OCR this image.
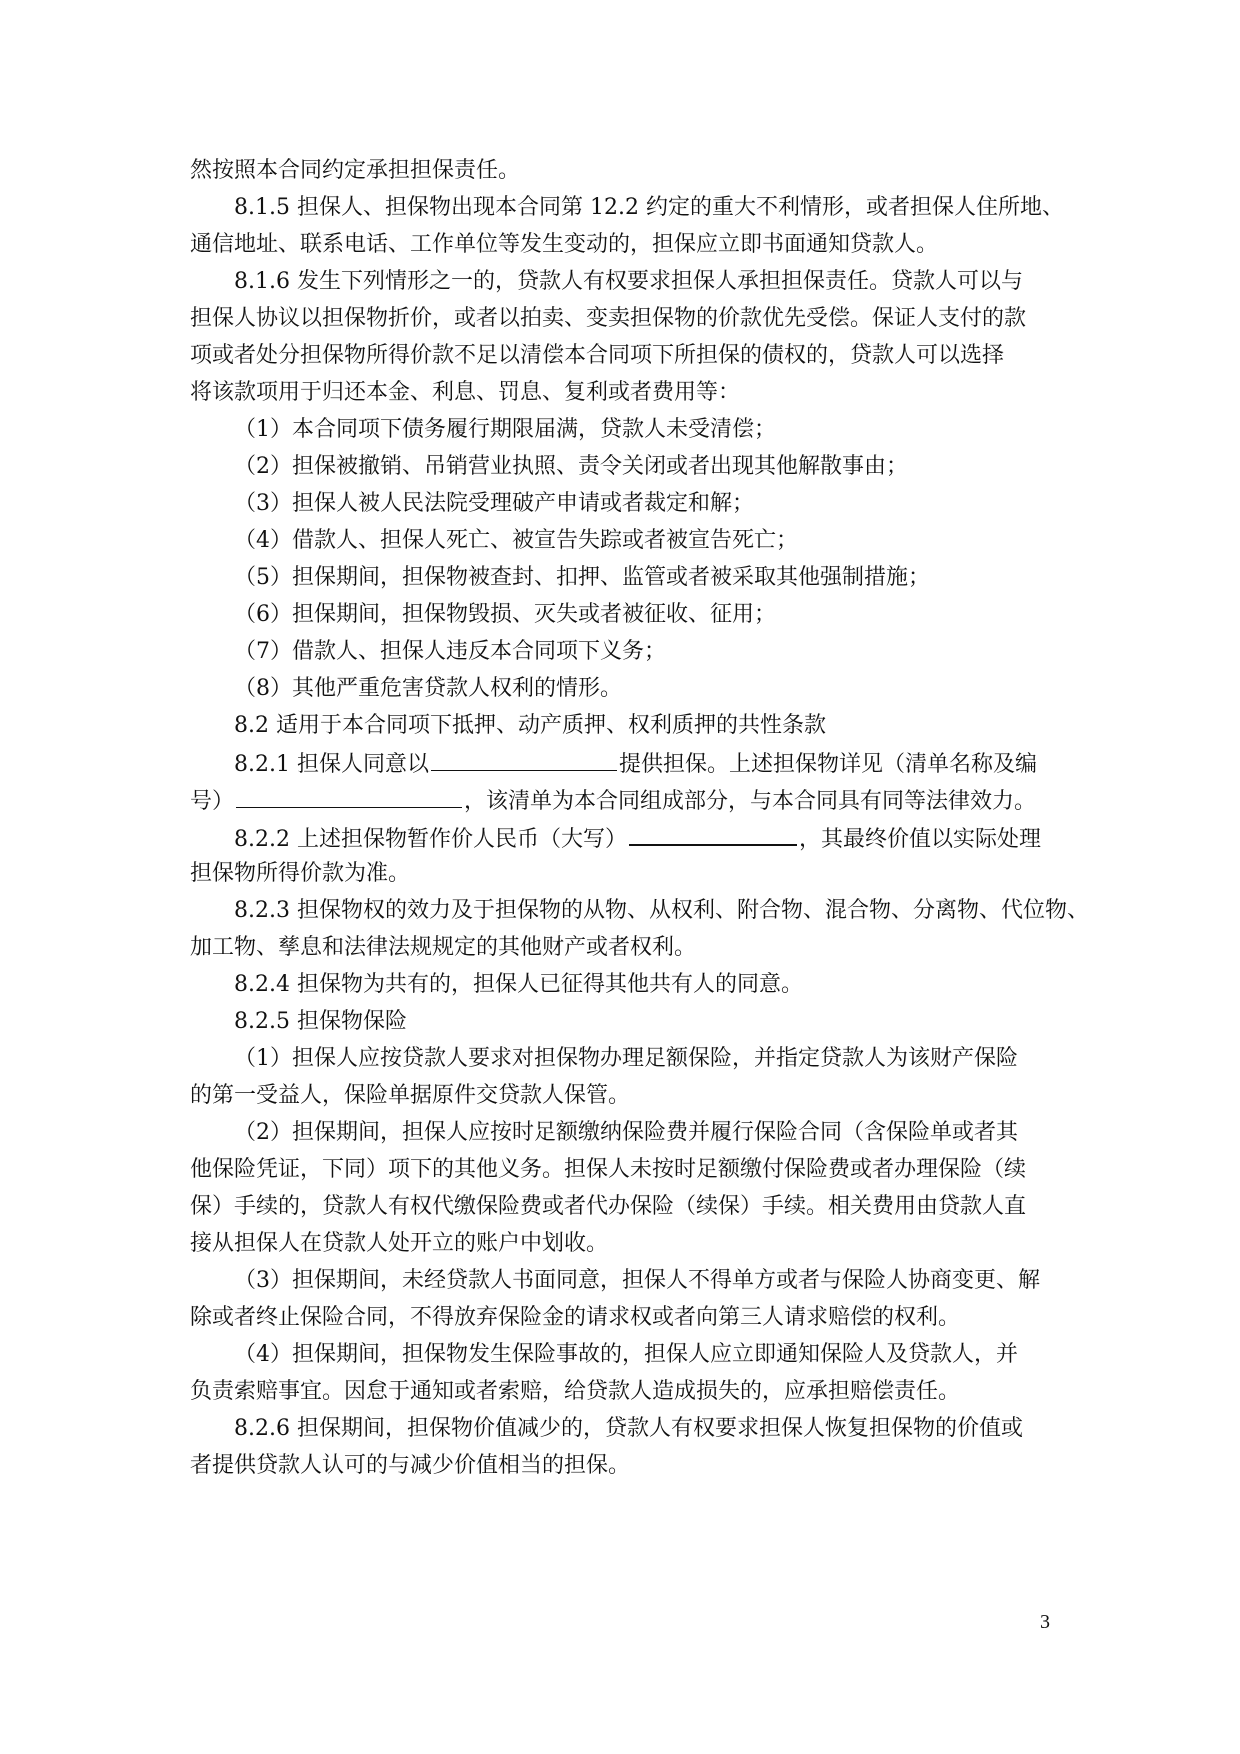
然按照本合同约定承担担保责任。
8.1.5 担保人、担保物出现本合同第 12.2 约定的重大不利情形，或者担保人住所地、
通信地址、联系电话、工作单位等发生变动的，担保应立即书面通知贷款人。
8.1.6 发生下列情形之一的，贷款人有权要求担保人承担担保责任。贷款人可以与
担保人协议以担保物折价，或者以拍卖、变卖担保物的价款优先受偿。保证人支付的款
项或者处分担保物所得价款不足以清偿本合同项下所担保的债权的，贷款人可以选择
将该款项用于归还本金、利息、罚息、复利或者费用等：
（1）本合同项下债务履行期限届满，贷款人未受清偿；
（2）担保被撤销、吊销营业执照、责令关闭或者出现其他解散事由；
（3）担保人被人民法院受理破产申请或者裁定和解；
（4）借款人、担保人死亡、被宣告失踪或者被宣告死亡；
（5）担保期间，担保物被查封、扣押、监管或者被采取其他强制措施；
（6）担保期间，担保物毁损、灭失或者被征收、征用；
（7）借款人、担保人违反本合同项下义务；
（8）其他严重危害贷款人权利的情形。
8.2 适用于本合同项下抵押、动产质押、权利质押的共性条款
8.2.1 担保人同意以	提供担保。上述担保物详见（清单名称及编
号）	，该清单为本合同组成部分，与本合同具有同等法律效力。
8.2.2 上述担保物暂作价人民币（大写）	，其最终价值以实际处理
担保物所得价款为准。
8.2.3 担保物权的效力及于担保物的从物、从权利、附合物、混合物、分离物、代位物、
加工物、孳息和法律法规规定的其他财产或者权利。
8.2.4 担保物为共有的，担保人已征得其他共有人的同意。
8.2.5 担保物保险
（1）担保人应按贷款人要求对担保物办理足额保险，并指定贷款人为该财产保险
的第一受益人，保险单据原件交贷款人保管。
（2）担保期间，担保人应按时足额缴纳保险费并履行保险合同（含保险单或者其
他保险凭证，下同）项下的其他义务。担保人未按时足额缴付保险费或者办理保险（续
保）手续的，贷款人有权代缴保险费或者代办保险（续保）手续。相关费用由贷款人直
接从担保人在贷款人处开立的账户中划收。
（3）担保期间，未经贷款人书面同意，担保人不得单方或者与保险人协商变更、解
除或者终止保险合同，不得放弃保险金的请求权或者向第三人请求赔偿的权利。
（4）担保期间，担保物发生保险事故的，担保人应立即通知保险人及贷款人，并
负责索赔事宜。因怠于通知或者索赔，给贷款人造成损失的，应承担赔偿责任。
8.2.6 担保期间，担保物价值减少的，贷款人有权要求担保人恢复担保物的价值或
者提供贷款人认可的与减少价值相当的担保。
3
